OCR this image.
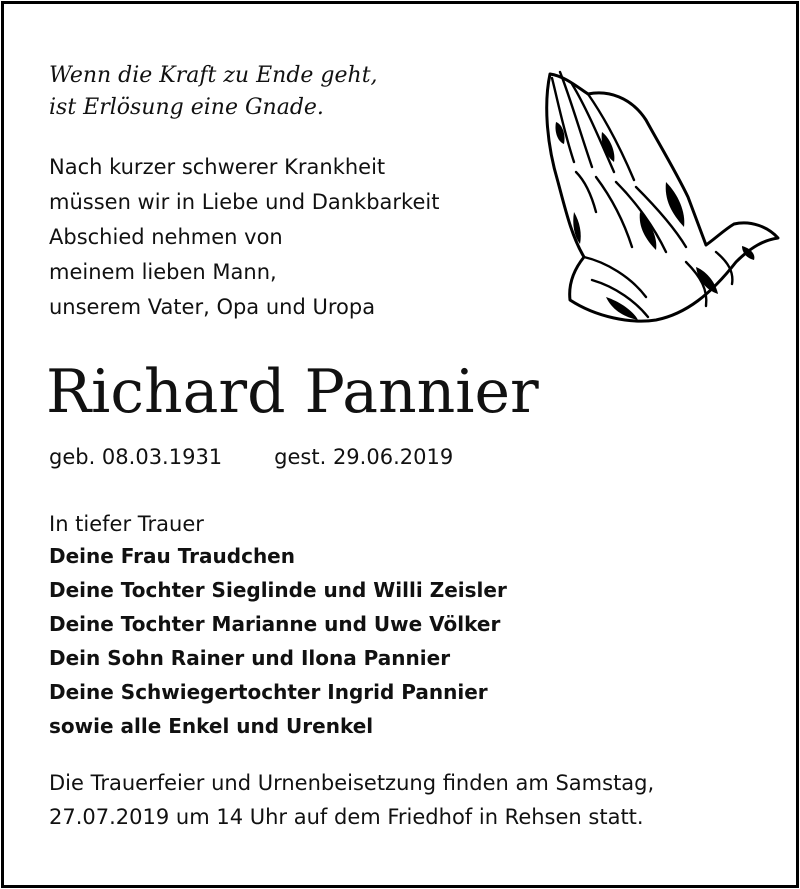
Wenn die Kraft zu Ende geht,
ist Erlösung eine Gnade.
Nach kurzer schwerer Krankheit
müssen wir in Liebe und Dankbarkeit
Abschied nehmen von
meinem lieben Mann,
unserem Vater, Opa und Uropa
Richard Pannier
geb. 08.03.1931 gest. 29.06.2019
In tiefer Trauer
Deine Frau Traudchen
Deine Tochter Sieglinde und Willi Zeisler
Deine Tochter Marianne und Uwe Völker
Dein Sohn Rainer und Ilona Pannier
Deine Schwiegertochter Ingrid Pannier
sowie alle Enkel und Urenkel
Die Trauerfeier und Urnenbeisetzung finden am Samstag,
27.07.2019 um 14 Uhr auf dem Friedhof in Rehsen statt.
